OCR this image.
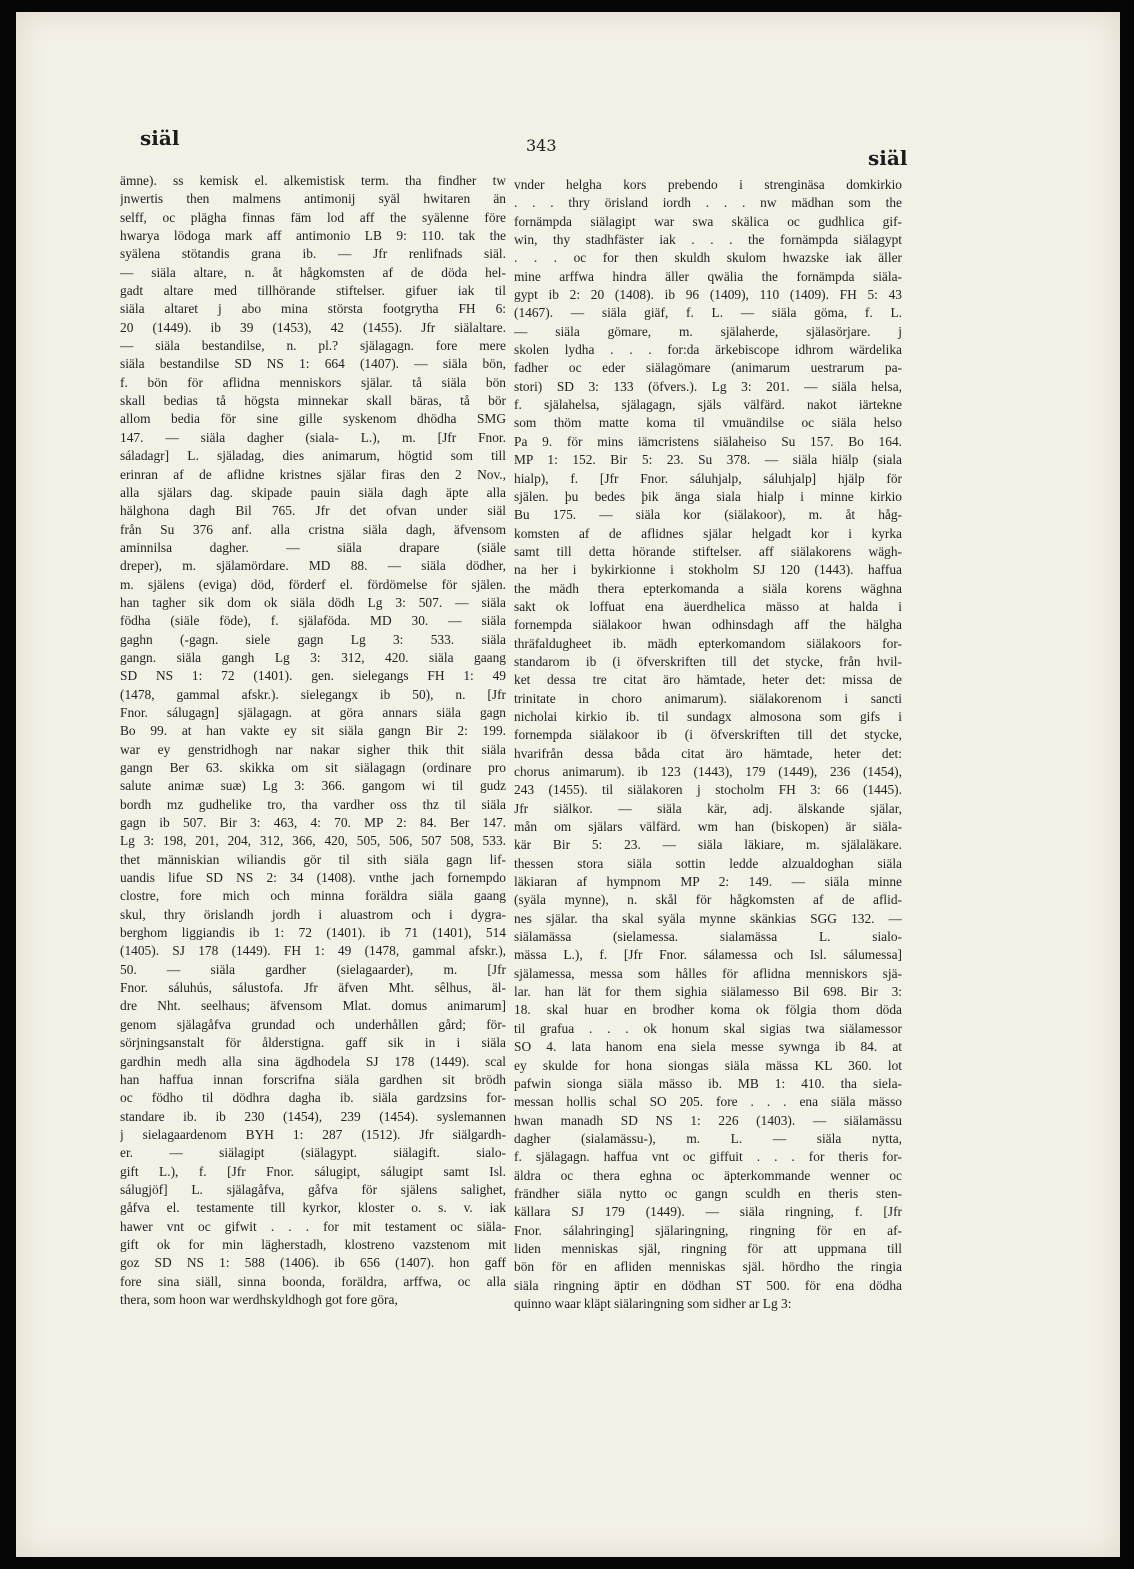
siäl	343
siäl
ämne). ss kemisk el. alkemistisk term. tha findher tw
jnwertis then malmens antimonij syäl hwitaren än
selff, oc plägha finnas fäm lod aff the syälenne före
hwarya lödoga mark aff antimonio LB 9: 110. tak the
syälena stötandis grana ib. — Jfr renlifnads siäl.
— siäla altare, n. åt hågkomsten af de döda hel-
gadt altare med tillhörande stiftelser. gifuer iak til
siäla altaret j abo mina största footgrytha FH 6:
20 (1449). ib 39 (1453), 42 (1455). Jfr siälaltare.
— siäla bestandilse, n. pl.? själagagn. fore mere
siäla bestandilse SD NS 1: 664 (1407). — siäla bön,
f. bön för aflidna menniskors själar. tå siäla bön
skall bedias tå högsta minnekar skall bäras, tå bör
allom bedia för sine gille syskenom dhödha SMG
147. — siäla dagher (siala- L.), m. [Jfr Fnor.
sáladagr] L. själadag, dies animarum, högtid som till
erinran af de aflidne kristnes själar firas den 2 Nov.,
alla själars dag. skipade pauin siäla dagh äpte alla
hälghona dagh Bil 765. Jfr det ofvan under siäl
från Su 376 anf. alla cristna siäla dagh, äfvensom
aminnilsa dagher. — siäla drapare (siäle
dreper), m. själamördare. MD 88. — siäla dödher,
m. själens (eviga) död, förderf el. fördömelse för själen.
han tagher sik dom ok siäla dödh Lg 3: 507. — siäla
födha (siäle föde), f. själaföda. MD 30. — siäla
gaghn (-gagn. siele gagn Lg 3: 533. siäla
gangn. siäla gangh Lg 3: 312, 420. siäla gaang
SD NS 1: 72 (1401). gen. sielegangs FH 1: 49
(1478, gammal afskr.). sielegangx ib 50), n. [Jfr
Fnor. sálugagn] själagagn. at göra annars siäla gagn
Bo 99. at han vakte ey sit siäla gangn Bir 2: 199.
war ey genstridhogh nar nakar sigher thik thit siäla
gangn Ber 63. skikka om sit siälagagn (ordinare pro
salute animæ suæ) Lg 3: 366. gangom wi til gudz
bordh mz gudhelike tro, tha vardher oss thz til siäla
gagn ib 507. Bir 3: 463, 4: 70. MP 2: 84. Ber 147.
Lg 3: 198, 201, 204, 312, 366, 420, 505, 506, 507 508, 533.
thet människian wiliandis gör til sith siäla gagn lif-
uandis lifue SD NS 2: 34 (1408). vnthe jach fornempdo
clostre, fore mich och minna foräldra siäla gaang
skul, thry örislandh jordh i aluastrom och i dygra-
berghom liggiandis ib 1: 72 (1401). ib 71 (1401), 514
(1405). SJ 178 (1449). FH 1: 49 (1478, gammal afskr.),
50. — siäla gardher (sielagaarder), m. [Jfr
Fnor. sáluhús, sálustofa. Jfr äfven Mht. sêlhus, äl-
dre Nht. seelhaus; äfvensom Mlat. domus animarum]
genom själagåfva grundad och underhållen gård; för-
sörjningsanstalt för ålderstigna. gaff sik in i siäla
gardhin medh alla sina ägdhodela SJ 178 (1449). scal
han haffua innan forscrifna siäla gardhen sit brödh
oc födho til dödhra dagha ib. siäla gardzsins for-
standare ib. ib 230 (1454), 239 (1454). syslemannen
j sielagaardenom BYH 1: 287 (1512). Jfr siälgardh-
er. — siälagipt (siälagypt. siälagift. sialo-
gift L.), f. [Jfr Fnor. sálugipt, sálugipt samt Isl.
sálugjöf] L. själagåfva, gåfva för själens salighet,
gåfva el. testamente till kyrkor, kloster o. s. v. iak
hawer vnt oc gifwit . . . for mit testament oc siäla-
gift ok for min lägherstadh, klostreno vazstenom mit
goz SD NS 1: 588 (1406). ib 656 (1407). hon gaff
fore sina siäll, sinna boonda, foräldra, arffwa, oc alla
thera, som hoon war werdhskyldhogh got fore göra,
vnder helgha kors prebendo i strenginäsa domkirkio
. . . thry örisland iordh . . . nw mädhan som the
fornämpda siälagipt war swa skälica oc gudhlica gif-
win, thy stadhfäster iak . . . the fornämpda siälagypt
. . . oc for then skuldh skulom hwazske iak äller
mine arffwa hindra äller qwälia the fornämpda siäla-
gypt ib 2: 20 (1408). ib 96 (1409), 110 (1409). FH 5: 43
(1467). — siäla giäf, f. L. — siäla göma, f. L.
— siäla gömare, m. själaherde, själasörjare. j
skolen lydha . . . for:da ärkebiscope idhrom wärdelika
fadher oc eder siälagömare (animarum uestrarum pa-
stori) SD 3: 133 (öfvers.). Lg 3: 201. — siäla helsa,
f. själahelsa, själagagn, själs välfärd. nakot iärtekne
som thöm matte koma til vmuändilse oc siäla helso
Pa 9. för mins iämcristens siälaheiso Su 157. Bo 164.
MP 1: 152. Bir 5: 23. Su 378. — siäla hiälp (siala
hialp), f. [Jfr Fnor. sáluhjalp, sáluhjalp] hjälp för
själen. þu bedes þik änga siala hialp i minne kirkio
Bu 175. — siäla kor (siälakoor), m. åt håg-
komsten af de aflidnes själar helgadt kor i kyrka
samt till detta hörande stiftelser. aff siälakorens wägh-
na her i bykirkionne i stokholm SJ 120 (1443). haffua
the mädh thera epterkomanda a siäla korens wäghna
sakt ok loffuat ena äuerdhelica mässo at halda i
fornempda siälakoor hwan odhinsdagh aff the hälgha
thräfaldugheet ib. mädh epterkomandom siälakoors for-
standarom ib (i öfverskriften till det stycke, från hvil-
ket dessa tre citat äro hämtade, heter det: missa de
trinitate in choro animarum). siälakorenom i sancti
nicholai kirkio ib. til sundagx almosona som gifs i
fornempda siälakoor ib (i öfverskriften till det stycke,
hvarifrån dessa båda citat äro hämtade, heter det:
chorus animarum). ib 123 (1443), 179 (1449), 236 (1454),
243 (1455). til siälakoren j stocholm FH 3: 66 (1445).
Jfr siälkor. — siäla kär, adj. älskande själar,
mån om själars välfärd. wm han (biskopen) är siäla-
kär Bir 5: 23. — siäla läkiare, m. själaläkare.
thessen stora siäla sottin ledde alzualdoghan siäla
läkiaran af hympnom MP 2: 149. — siäla minne
(syäla mynne), n. skål för hågkomsten af de aflid-
nes själar. tha skal syäla mynne skänkias SGG 132. —
siälamässa (sielamessa. sialamässa L. sialo-
mässa L.), f. [Jfr Fnor. sálamessa och Isl. sálumessa]
själamessa, messa som hålles för aflidna menniskors sjä-
lar. han lät for them sighia siälamesso Bil 698. Bir 3:
18. skal huar en brodher koma ok fölgia thom döda
til grafua . . . ok honum skal sigias twa siälamessor
SO 4. lata hanom ena siela messe sywnga ib 84. at
ey skulde for hona siongas siäla mässa KL 360. lot
pafwin sionga siäla mässo ib. MB 1: 410. tha siela-
messan hollis schal SO 205. fore . . . ena siäla mässo
hwan manadh SD NS 1: 226 (1403). — siälamässu
dagher (sialamässu-), m. L. — siäla nytta,
f. själagagn. haffua vnt oc giffuit . . . for theris for-
äldra oc thera eghna oc äpterkommande wenner oc
frändher siäla nytto oc gangn sculdh en theris sten-
källara SJ 179 (1449). — siäla ringning, f. [Jfr
Fnor. sálahringing] själaringning, ringning för en af-
liden menniskas själ, ringning för att uppmana till
bön för en afliden menniskas själ. hördho the ringia
siäla ringning äptir en dödhan ST 500. för ena dödha
quinno waar kläpt siälaringning som sidher ar Lg 3:
